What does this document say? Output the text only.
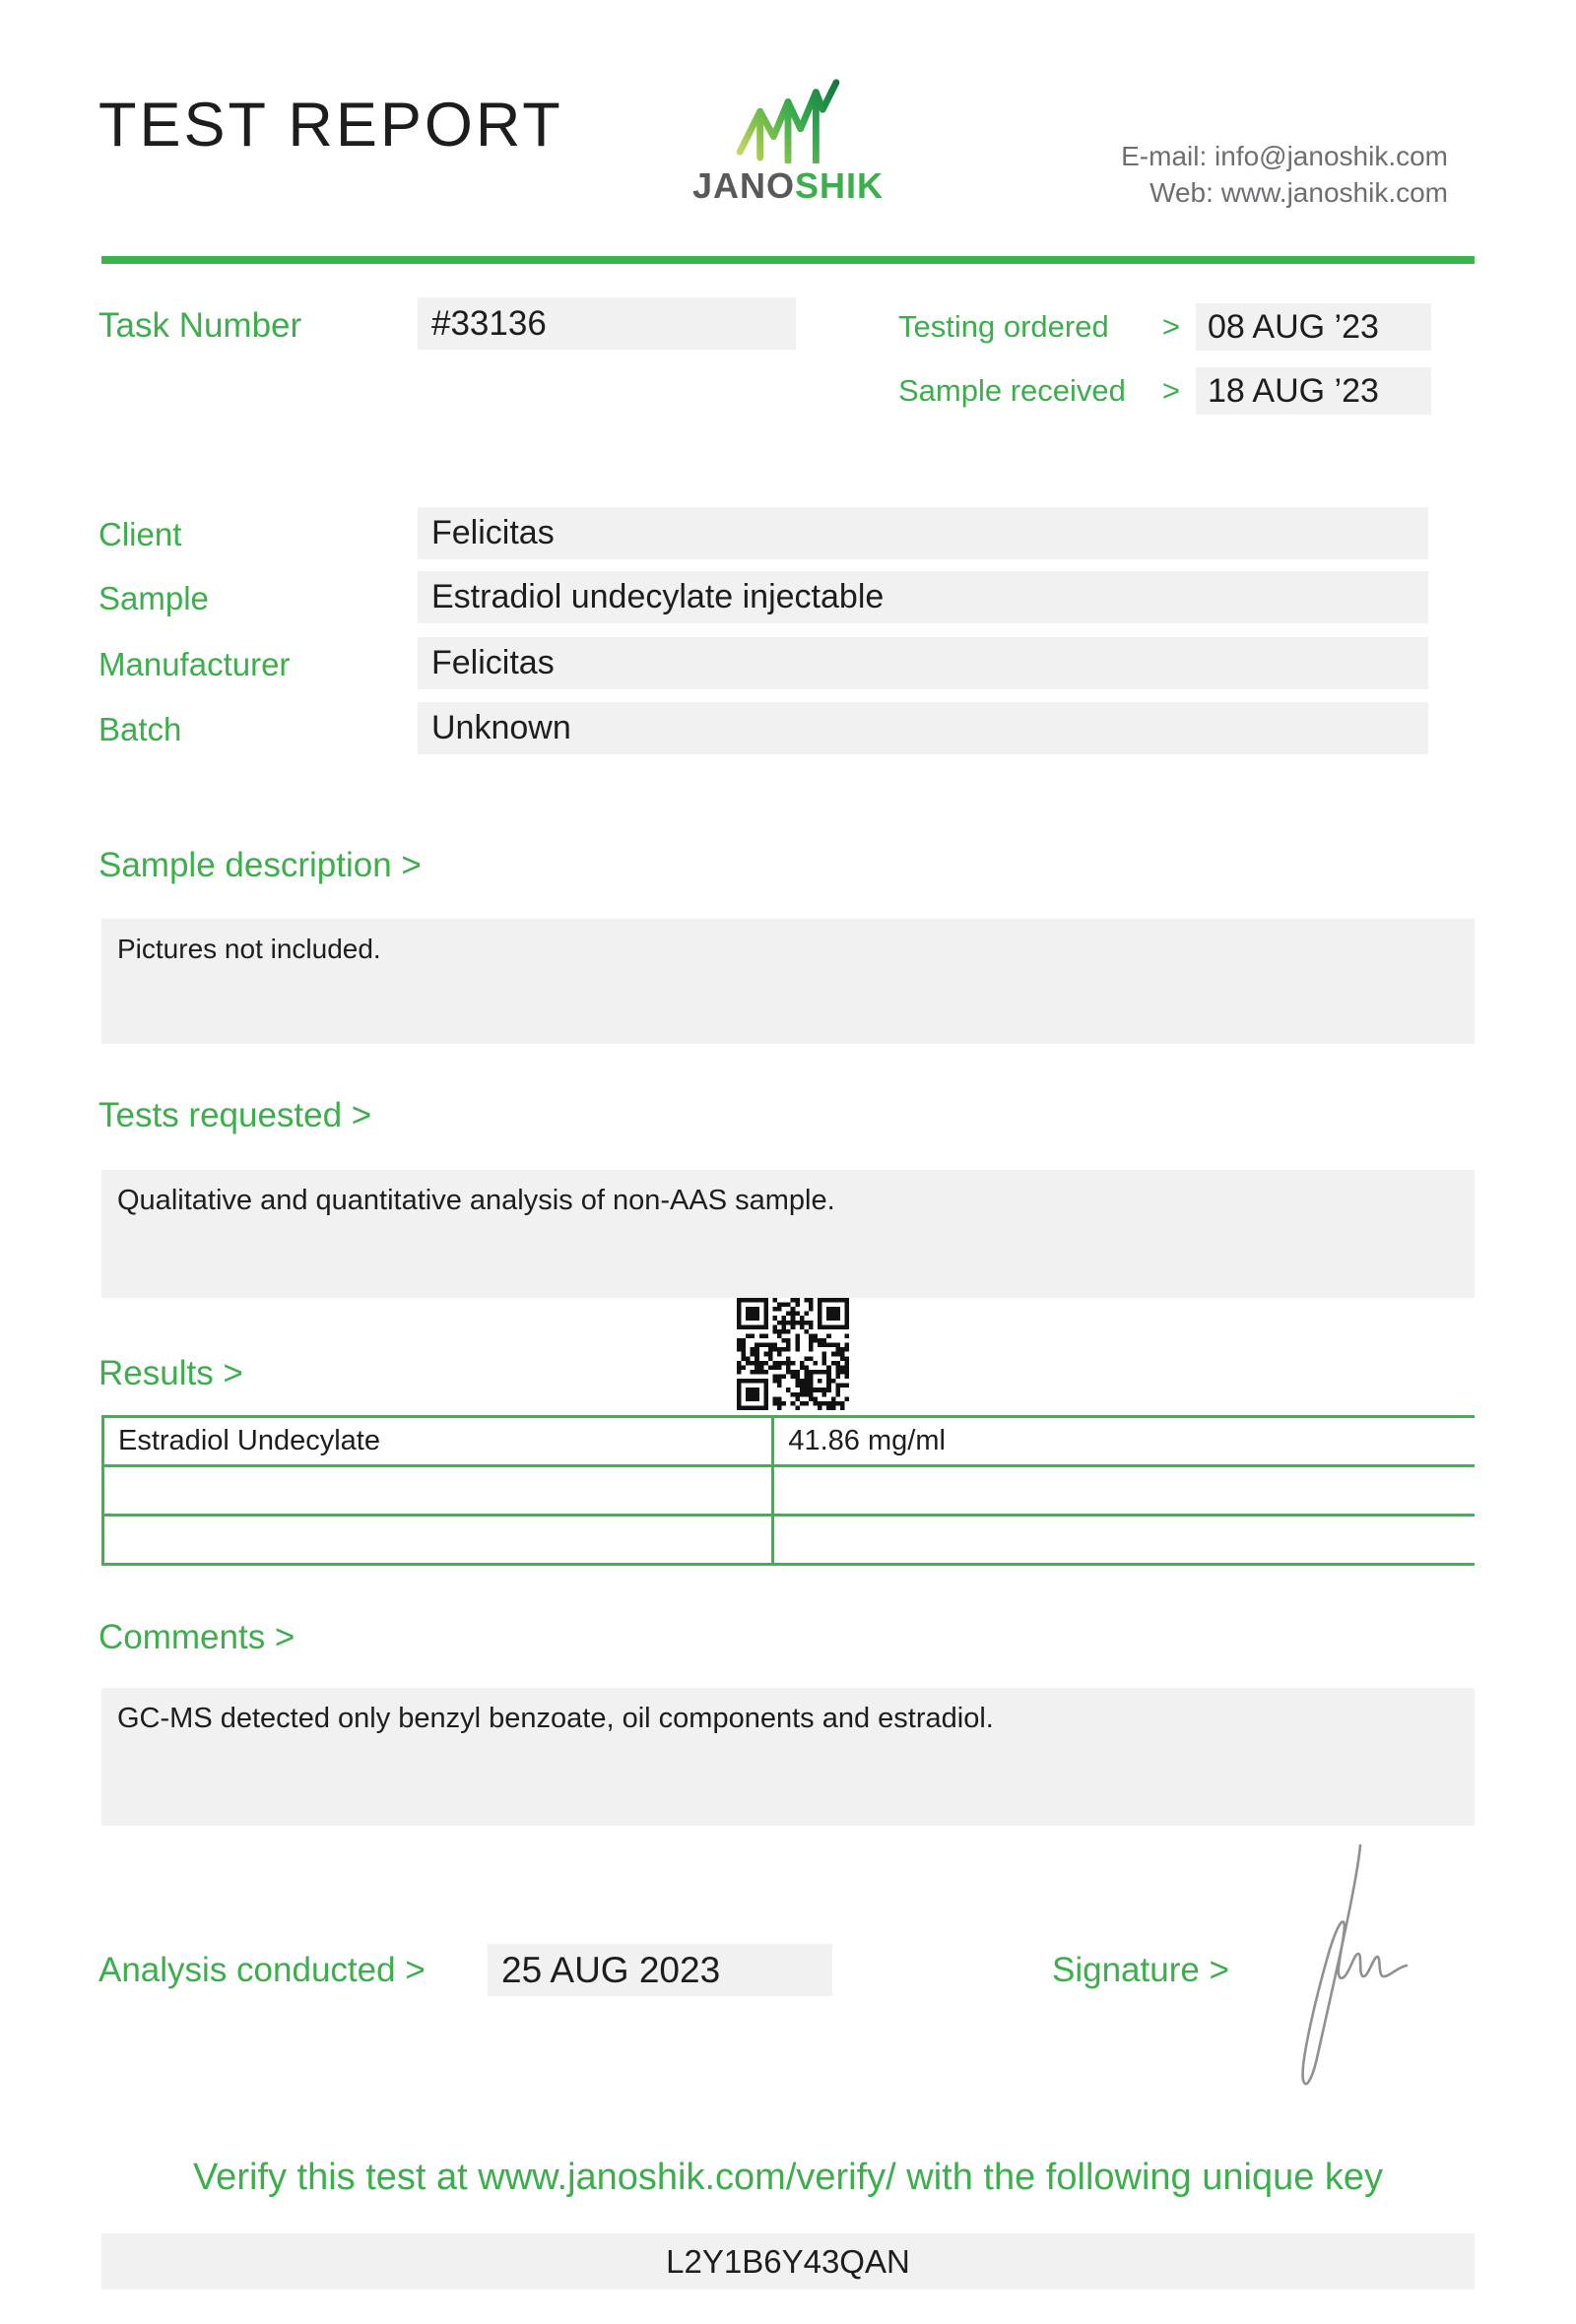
TEST REPORT
JANOSHIK
E-mail: info@janoshik.com
Web: www.janoshik.com
Task Number	#33136	Testing ordered	> 08 AUG ’23
Sample received	> 18 AUG ’23
Client	Felicitas
Sample	Estradiol undecylate injectable
Manufacturer	Felicitas
Batch	Unknown
Sample description >
Pictures not included.
Tests requested >
Qualitative and quantitative analysis of non-AAS sample.
Results >
Estradiol Undecylate	41.86 mg/ml
Comments >
GC-MS detected only benzyl benzoate, oil components and estradiol.
Analysis conducted >	25 AUG 2023	Signature >
Verify this test at www.janoshik.com/verify/ with the following unique key
L2Y1B6Y43QAN
